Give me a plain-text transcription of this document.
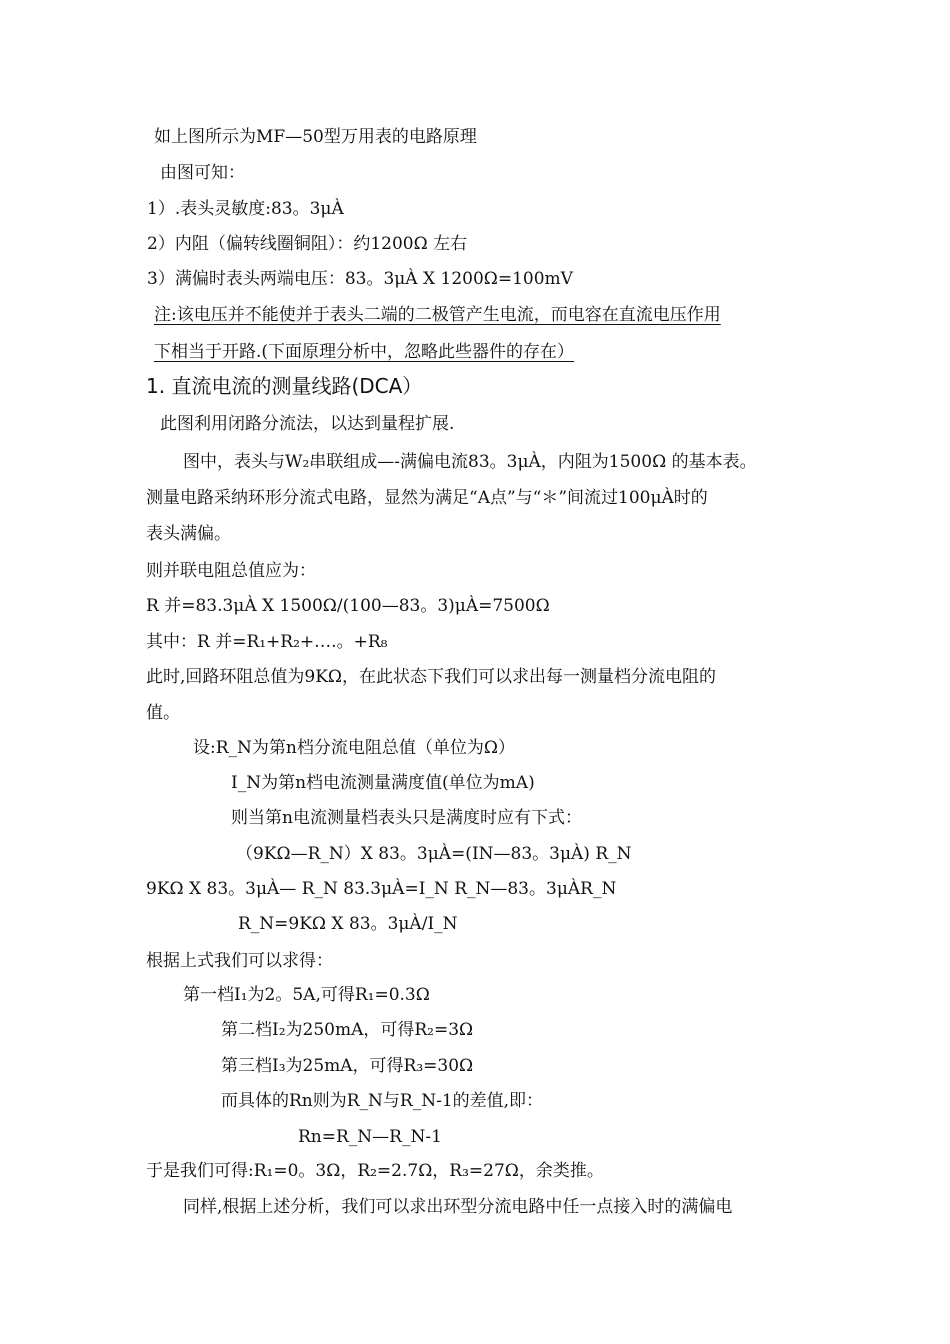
如上图所示为MF—50型万用表的电路原理
由图可知：
1）.表头灵敏度:83。3μÀ
2）内阻（偏转线圈铜阻）：约1200Ω 左右
3）满偏时表头两端电压：83。3μÀ X 1200Ω=100mV
注:该电压并不能使并于表头二端的二极管产生电流，而电容在直流电压作用
下相当于开路.(下面原理分析中，忽略此些器件的存在）
1. 直流电流的测量线路(DCA）
此图利用闭路分流法，以达到量程扩展.
图中，表头与W₂串联组成—-满偏电流83。3μÀ，内阻为1500Ω 的基本表。
测量电路采纳环形分流式电路，显然为满足“A点”与“＊”间流过100μÀ时的
表头满偏。
则并联电阻总值应为：
R 并=83.3μÀ X 1500Ω/(100—83。3)μÀ=7500Ω
其中：R 并=R₁+R₂+….。+R₈
此时,回路环阻总值为9KΩ，在此状态下我们可以求出每一测量档分流电阻的
值。
设:R_N为第n档分流电阻总值（单位为Ω）
I_N为第n档电流测量满度值(单位为mA)
则当第n电流测量档表头只是满度时应有下式：
（9KΩ—R_N）X 83。3μÀ=(IN—83。3μÀ) R_N
9KΩ X 83。3μÀ— R_N 83.3μÀ=I_N R_N—83。3μÀR_N
R_N=9KΩ X 83。3μÀ/I_N
根据上式我们可以求得：
第一档I₁为2。5A,可得R₁=0.3Ω
第二档I₂为250mA，可得R₂=3Ω
第三档I₃为25mA，可得R₃=30Ω
而具体的Rn则为R_N与R_N-1的差值,即：
Rn=R_N—R_N-1
于是我们可得:R₁=0。3Ω，R₂=2.7Ω，R₃=27Ω，余类推。
同样,根据上述分析，我们可以求出环型分流电路中任一点接入时的满偏电
